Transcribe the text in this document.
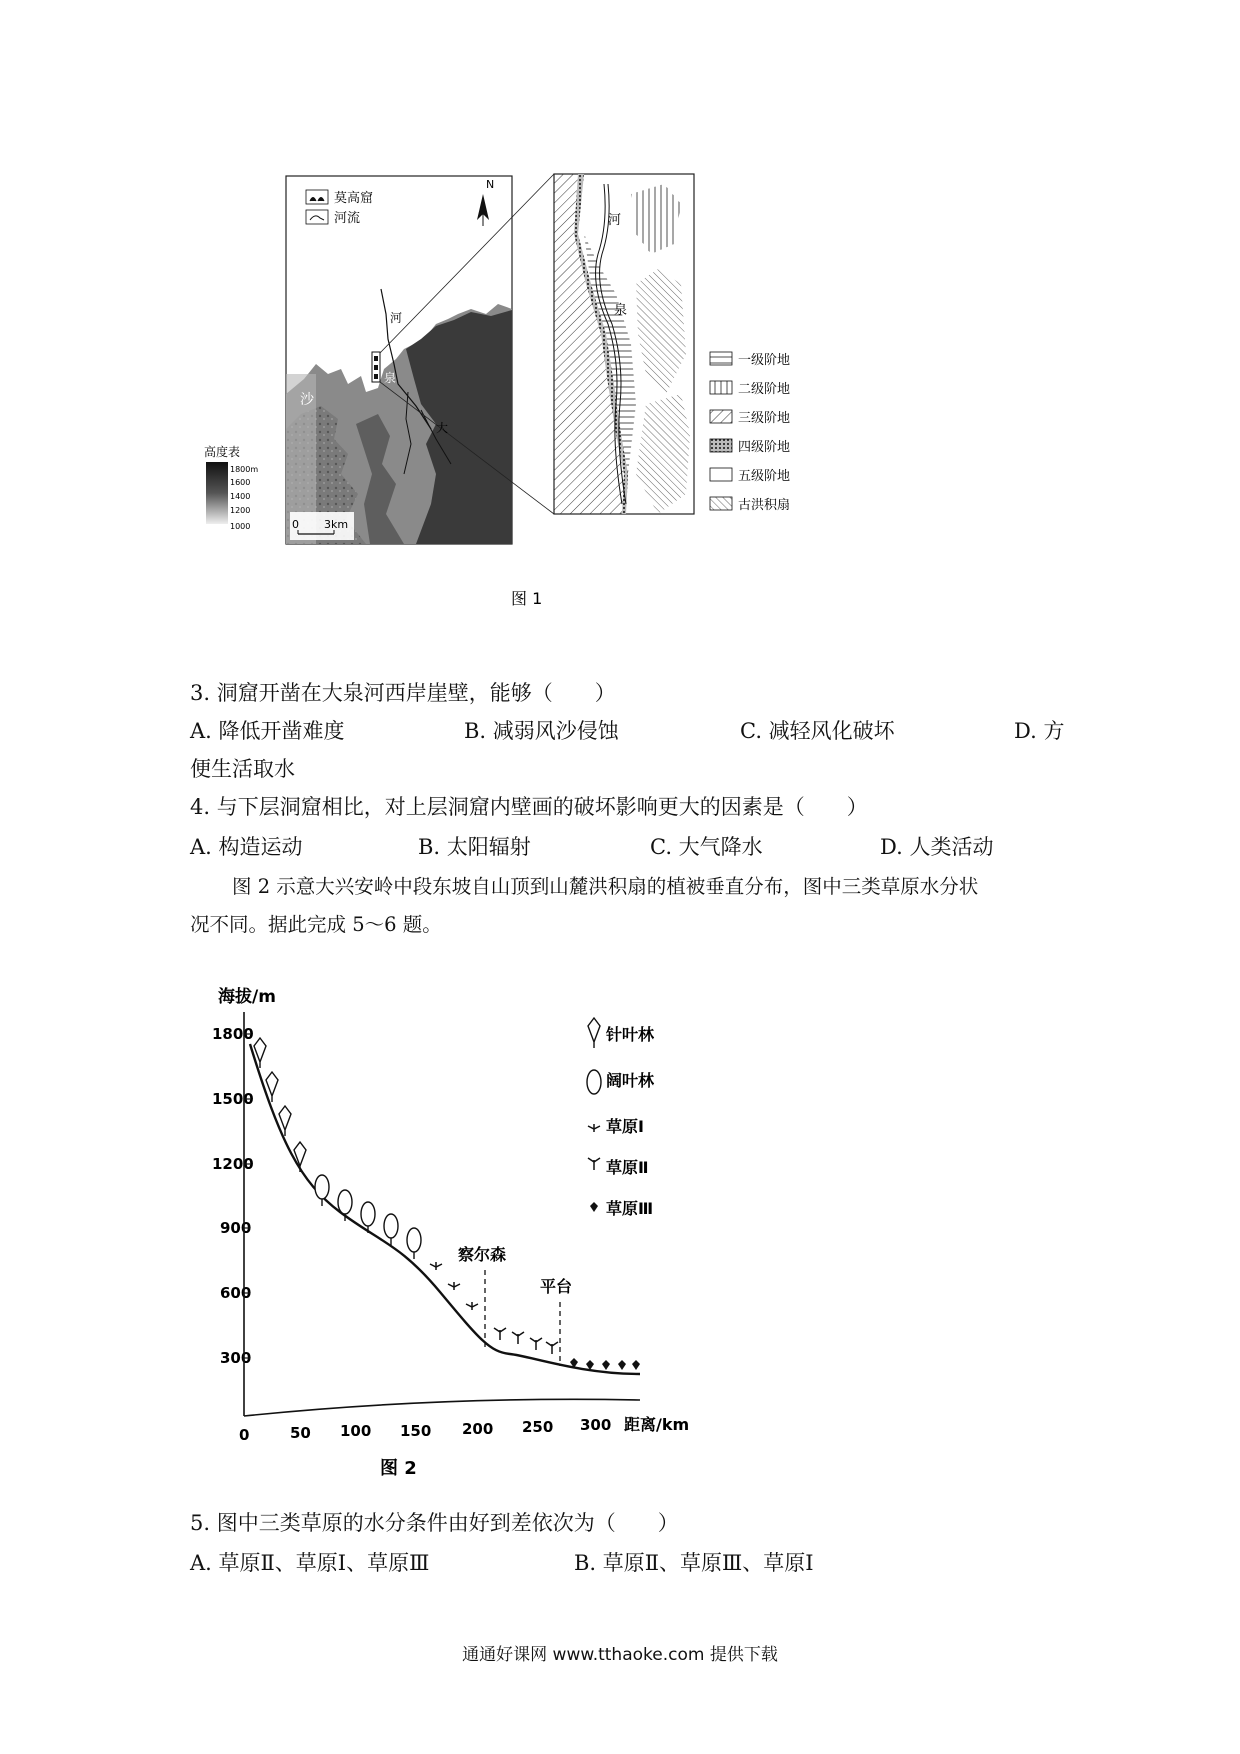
莫高窟
河流
N
河
泉
大
鸣
沙
高度表
1800m
1600
1400
1200
1000	0 3km
河
泉
一级阶地
二级阶地
三级阶地
四级阶地
五级阶地
古洪积扇
图 1
3. 洞窟开凿在大泉河西岸崖壁，能够（　　）
A. 降低开凿难度	B. 减弱风沙侵蚀	C. 减轻风化破坏	D. 方
便生活取水
4. 与下层洞窟相比，对上层洞窟内壁画的破坏影响更大的因素是（　　）
A. 构造运动	B. 太阳辐射	C. 大气降水	D. 人类活动
图 2 示意大兴安岭中段东坡自山顶到山麓洪积扇的植被垂直分布，图中三类草原水分状
况不同。据此完成 5～6 题。
海拔/m
1800
1500
1200
900
600
300
0	50 100 150 200 250 300 距离/km
图 2
察尔森
平台
针叶林
阔叶林
草原Ⅰ
草原Ⅱ
草原Ⅲ
5. 图中三类草原的水分条件由好到差依次为（　　）
A. 草原Ⅱ、草原Ⅰ、草原Ⅲ	B. 草原Ⅱ、草原Ⅲ、草原Ⅰ
通通好课网 www.tthaoke.com 提供下载
